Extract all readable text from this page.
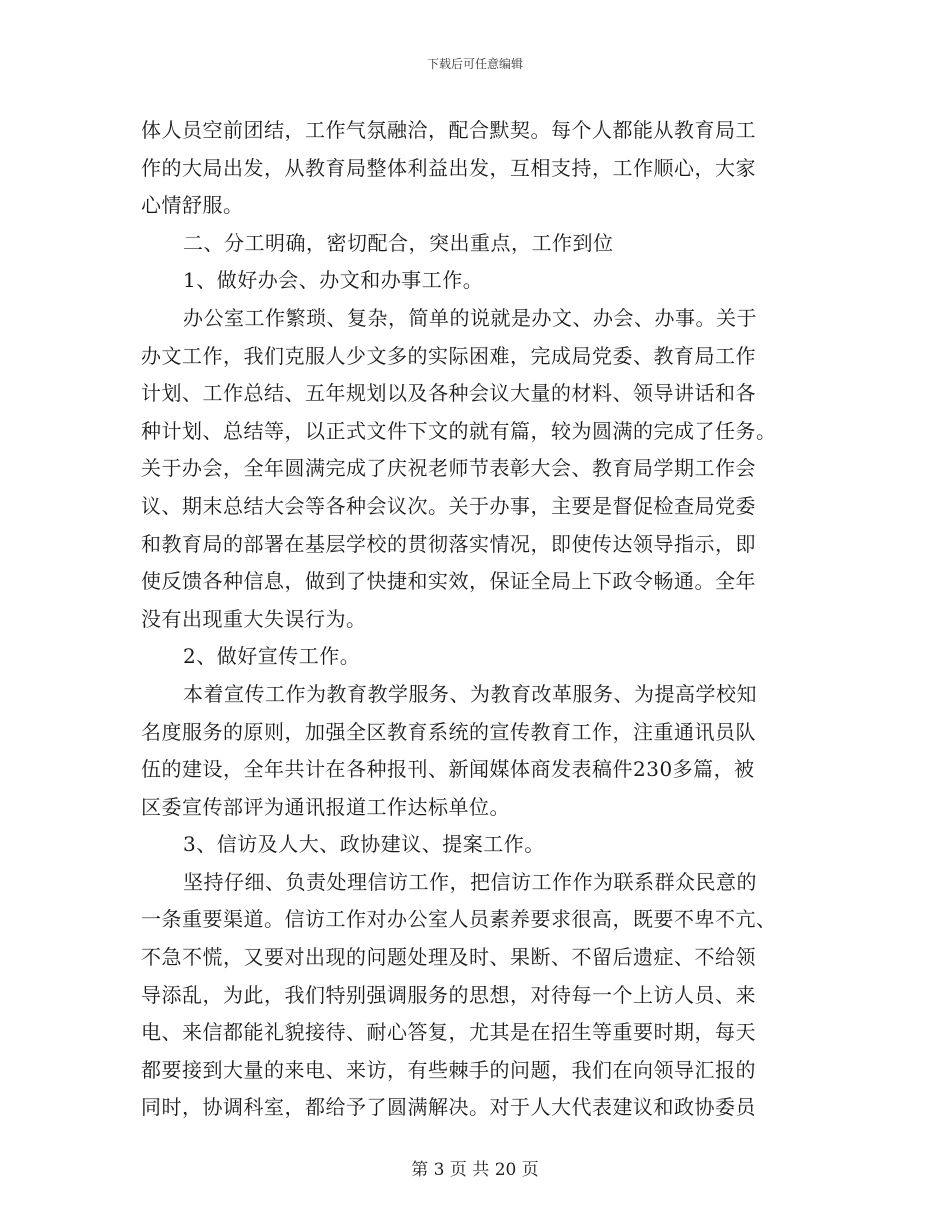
下载后可任意编辑
体人员空前团结，工作气氛融洽，配合默契。每个人都能从教育局工
作的大局出发，从教育局整体利益出发，互相支持，工作顺心，大家
心情舒服。
二、分工明确，密切配合，突出重点，工作到位
1、做好办会、办文和办事工作。
办公室工作繁琐、复杂，简单的说就是办文、办会、办事。关于
办文工作，我们克服人少文多的实际困难，完成局党委、教育局工作
计划、工作总结、五年规划以及各种会议大量的材料、领导讲话和各
种计划、总结等，以正式文件下文的就有篇，较为圆满的完成了任务。
关于办会，全年圆满完成了庆祝老师节表彰大会、教育局学期工作会
议、期末总结大会等各种会议次。关于办事，主要是督促检查局党委
和教育局的部署在基层学校的贯彻落实情况，即使传达领导指示，即
使反馈各种信息，做到了快捷和实效，保证全局上下政令畅通。全年
没有出现重大失误行为。
2、做好宣传工作。
本着宣传工作为教育教学服务、为教育改革服务、为提高学校知
名度服务的原则，加强全区教育系统的宣传教育工作，注重通讯员队
伍的建设，全年共计在各种报刊、新闻媒体商发表稿件230多篇，被
区委宣传部评为通讯报道工作达标单位。
3、信访及人大、政协建议、提案工作。
坚持仔细、负责处理信访工作，把信访工作作为联系群众民意的
一条重要渠道。信访工作对办公室人员素养要求很高，既要不卑不亢、
不急不慌，又要对出现的问题处理及时、果断、不留后遗症、不给领
导添乱，为此，我们特别强调服务的思想，对待每一个上访人员、来
电、来信都能礼貌接待、耐心答复，尤其是在招生等重要时期，每天
都要接到大量的来电、来访，有些棘手的问题，我们在向领导汇报的
同时，协调科室，都给予了圆满解决。对于人大代表建议和政协委员
第 3 页 共 20 页
